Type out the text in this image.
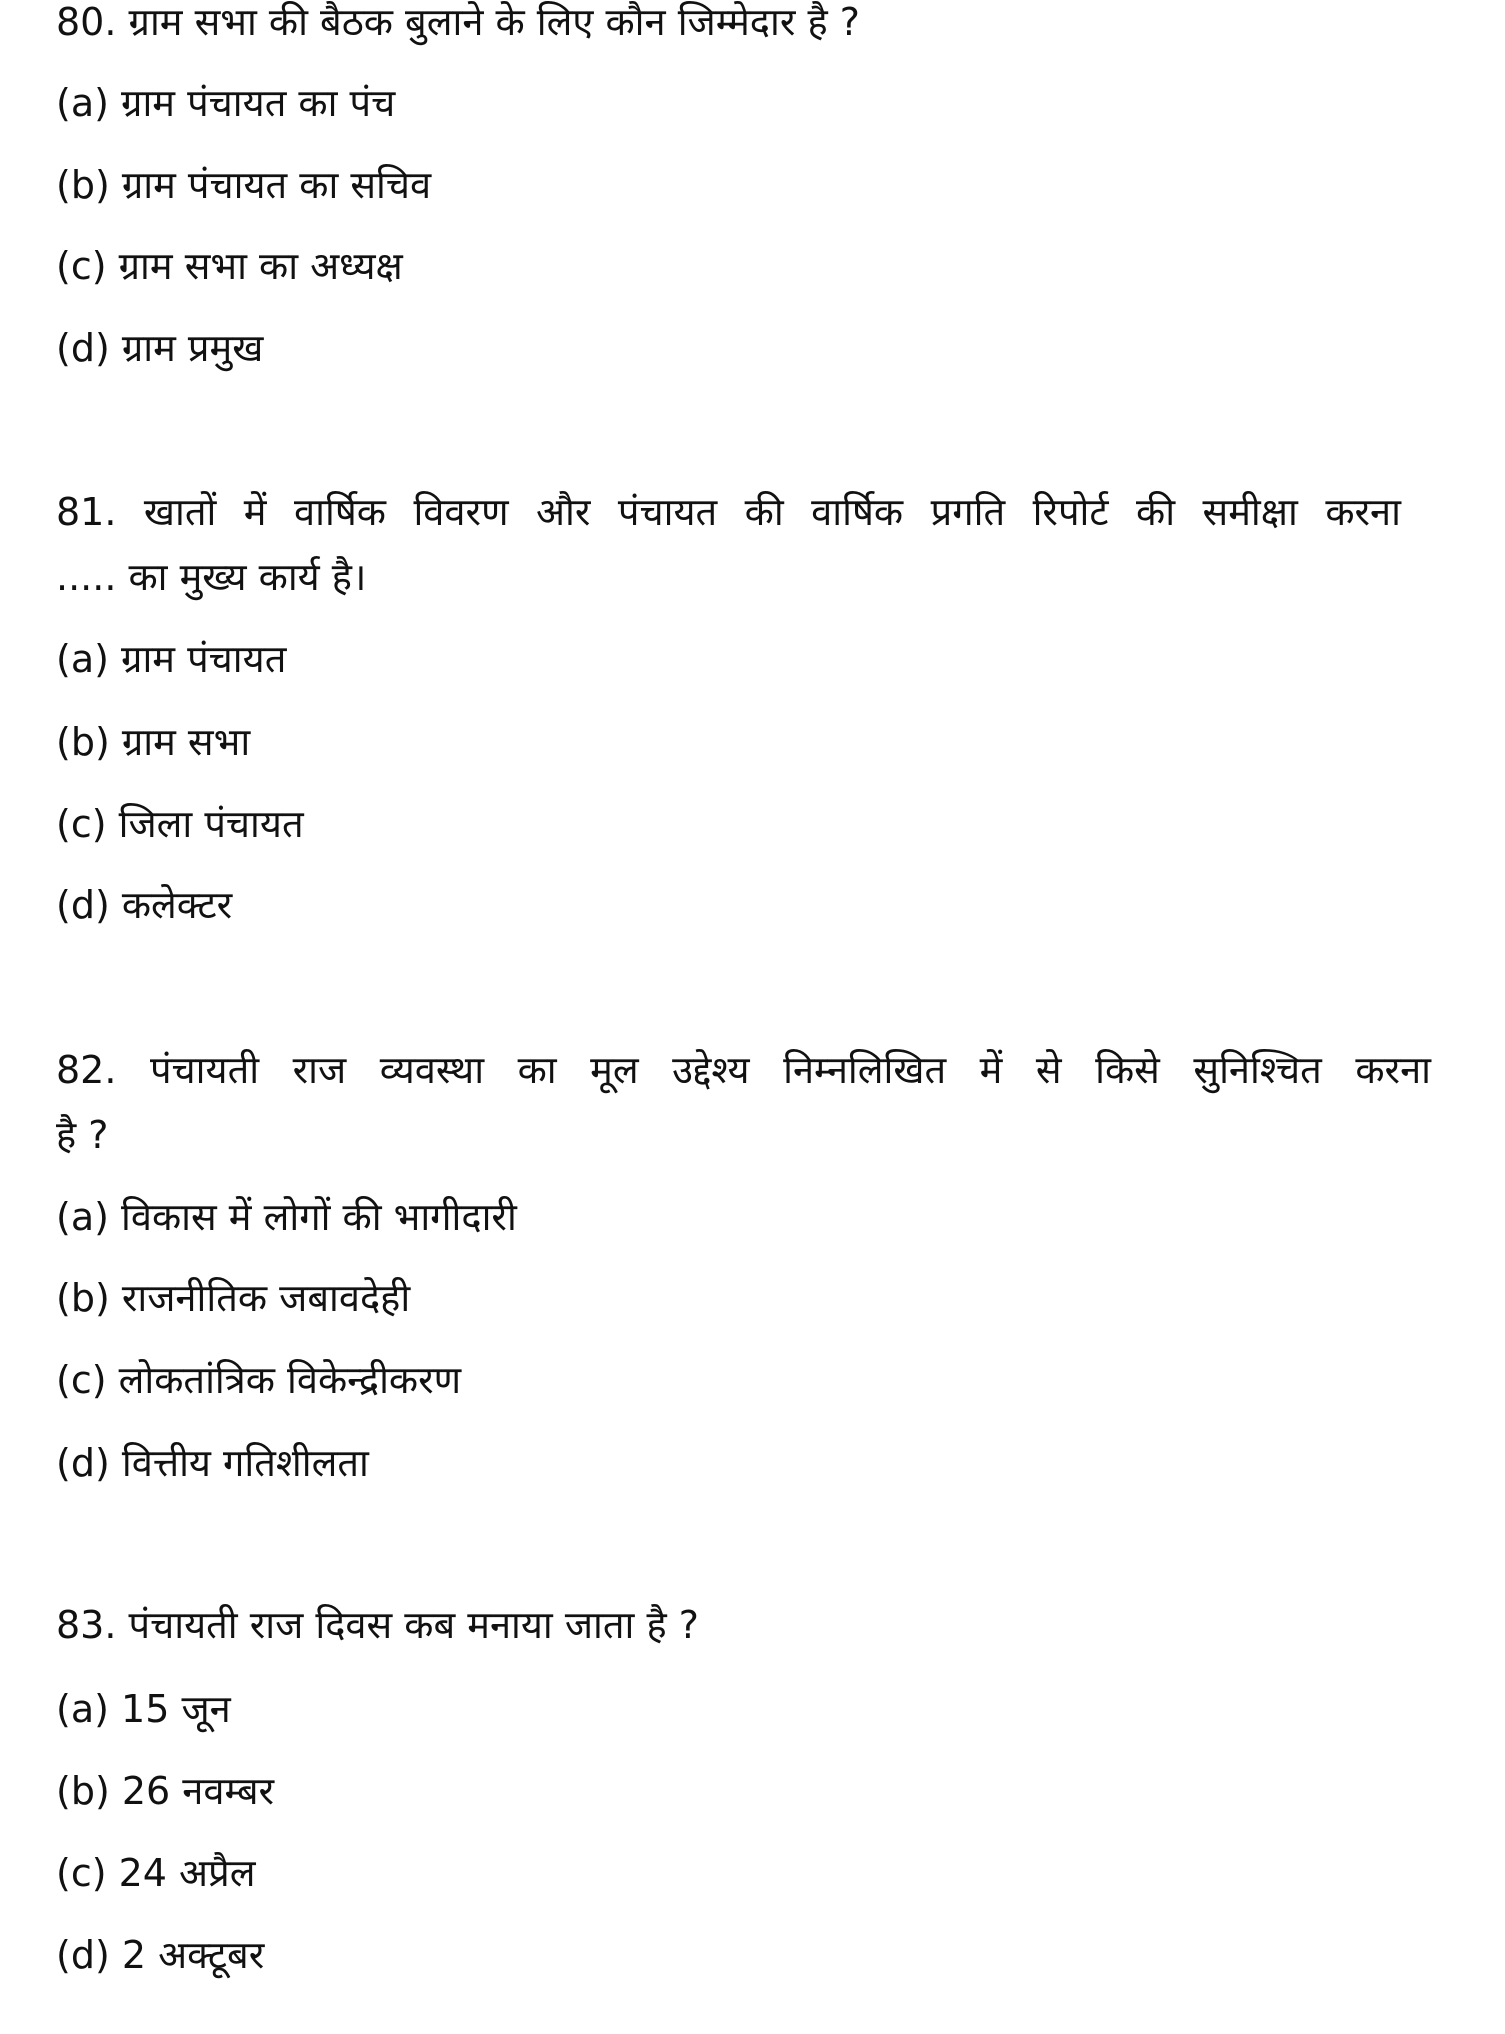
80. ग्राम सभा की बैठक बुलाने के लिए कौन जिम्मेदार है ?
(a) ग्राम पंचायत का पंच
(b) ग्राम पंचायत का सचिव
(c) ग्राम सभा का अध्यक्ष
(d) ग्राम प्रमुख
81. खातों में वार्षिक विवरण और पंचायत की वार्षिक प्रगति रिपोर्ट की समीक्षा करना
..... का मुख्य कार्य है।
(a) ग्राम पंचायत
(b) ग्राम सभा
(c) जिला पंचायत
(d) कलेक्टर
82. पंचायती राज व्यवस्था का मूल उद्देश्य निम्नलिखित में से किसे सुनिश्चित करना
है ?
(a) विकास में लोगों की भागीदारी
(b) राजनीतिक जबावदेही
(c) लोकतांत्रिक विकेन्द्रीकरण
(d) वित्तीय गतिशीलता
83. पंचायती राज दिवस कब मनाया जाता है ?
(a) 15 जून
(b) 26 नवम्बर
(c) 24 अप्रैल
(d) 2 अक्टूबर
